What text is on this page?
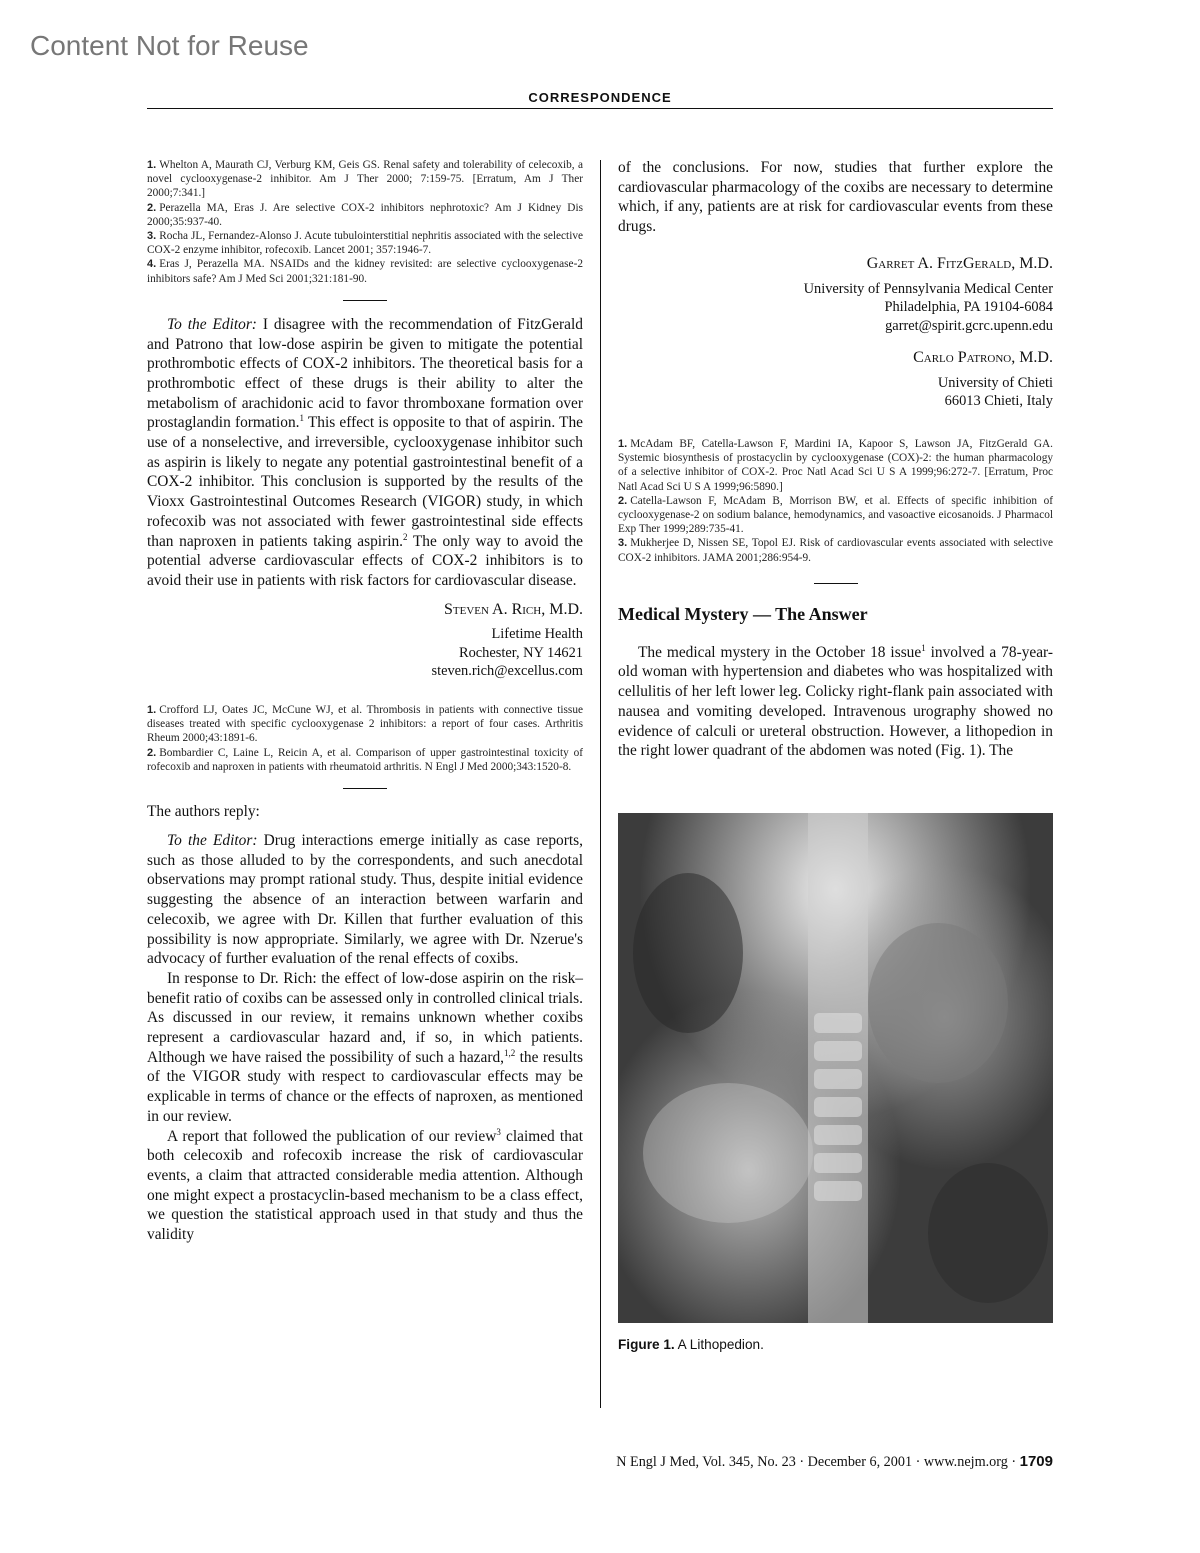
Content Not for Reuse
CORRESPONDENCE
1. Whelton A, Maurath CJ, Verburg KM, Geis GS. Renal safety and tolerability of celecoxib, a novel cyclooxygenase-2 inhibitor. Am J Ther 2000; 7:159-75. [Erratum, Am J Ther 2000;7:341.]
2. Perazella MA, Eras J. Are selective COX-2 inhibitors nephrotoxic? Am J Kidney Dis 2000;35:937-40.
3. Rocha JL, Fernandez-Alonso J. Acute tubulointerstitial nephritis associated with the selective COX-2 enzyme inhibitor, rofecoxib. Lancet 2001; 357:1946-7.
4. Eras J, Perazella MA. NSAIDs and the kidney revisited: are selective cyclooxygenase-2 inhibitors safe? Am J Med Sci 2001;321:181-90.

To the Editor: I disagree with the recommendation of FitzGerald and Patrono that low-dose aspirin be given to mitigate the potential prothrombotic effects of COX-2 inhibitors. The theoretical basis for a prothrombotic effect of these drugs is their ability to alter the metabolism of arachidonic acid to favor thromboxane formation over prostaglandin formation.$^1$ This effect is opposite to that of aspirin. The use of a nonselective, and irreversible, cyclooxygenase inhibitor such as aspirin is likely to negate any potential gastrointestinal benefit of a COX-2 inhibitor. This conclusion is supported by the results of the Vioxx Gastrointestinal Outcomes Research (VIGOR) study, in which rofecoxib was not associated with fewer gastrointestinal side effects than naproxen in patients taking aspirin.$^2$ The only way to avoid the potential adverse cardiovascular effects of COX-2 inhibitors is to avoid their use in patients with risk factors for cardiovascular disease.

Steven A. Rich, M.D.
Lifetime Health
Rochester, NY 14621
steven.rich@excellus.com
1. Crofford LJ, Oates JC, McCune WJ, et al. Thrombosis in patients with connective tissue diseases treated with specific cyclooxygenase 2 inhibitors: a report of four cases. Arthritis Rheum 2000;43:1891-6.
2. Bombardier C, Laine L, Reicin A, et al. Comparison of upper gastrointestinal toxicity of rofecoxib and naproxen in patients with rheumatoid arthritis. N Engl J Med 2000;343:1520-8.

The authors reply:

To the Editor: Drug interactions emerge initially as case reports, such as those alluded to by the correspondents, and such anecdotal observations may prompt rational study. Thus, despite initial evidence suggesting the absence of an interaction between warfarin and celecoxib, we agree with Dr. Killen that further evaluation of this possibility is now appropriate. Similarly, we agree with Dr. Nzerue's advocacy of further evaluation of the renal effects of coxibs.

In response to Dr. Rich: the effect of low-dose aspirin on the risk–benefit ratio of coxibs can be assessed only in controlled clinical trials. As discussed in our review, it remains unknown whether coxibs represent a cardiovascular hazard and, if so, in which patients. Although we have raised the possibility of such a hazard,$^{1,2}$ the results of the VIGOR study with respect to cardiovascular effects may be explicable in terms of chance or the effects of naproxen, as mentioned in our review.

A report that followed the publication of our review$^3$ claimed that both celecoxib and rofecoxib increase the risk of cardiovascular events, a claim that attracted considerable media attention. Although one might expect a prostacyclin-based mechanism to be a class effect, we question the statistical approach used in that study and thus the validity

of the conclusions. For now, studies that further explore the cardiovascular pharmacology of the coxibs are necessary to determine which, if any, patients are at risk for cardiovascular events from these drugs.

Garret A. FitzGerald, M.D.
University of Pennsylvania Medical Center
Philadelphia, PA 19104-6084
garret@spirit.gcrc.upenn.edu
Carlo Patrono, M.D.
University of Chieti
66013 Chieti, Italy
1. McAdam BF, Catella-Lawson F, Mardini IA, Kapoor S, Lawson JA, FitzGerald GA. Systemic biosynthesis of prostacyclin by cyclooxygenase (COX)-2: the human pharmacology of a selective inhibitor of COX-2. Proc Natl Acad Sci U S A 1999;96:272-7. [Erratum, Proc Natl Acad Sci U S A 1999;96:5890.]
2. Catella-Lawson F, McAdam B, Morrison BW, et al. Effects of specific inhibition of cyclooxygenase-2 on sodium balance, hemodynamics, and vasoactive eicosanoids. J Pharmacol Exp Ther 1999;289:735-41.
3. Mukherjee D, Nissen SE, Topol EJ. Risk of cardiovascular events associated with selective COX-2 inhibitors. JAMA 2001;286:954-9.
Medical Mystery — The Answer

The medical mystery in the October 18 issue$^1$ involved a 78-year-old woman with hypertension and diabetes who was hospitalized with cellulitis of her left lower leg. Colicky right-flank pain associated with nausea and vomiting developed. Intravenous urography showed no evidence of calculi or ureteral obstruction. However, a lithopedion in the right lower quadrant of the abdomen was noted (Fig. 1). The

Figure 1. A Lithopedion.
N Engl J Med, Vol. 345, No. 23 · December 6, 2001 · www.nejm.org · 1709
